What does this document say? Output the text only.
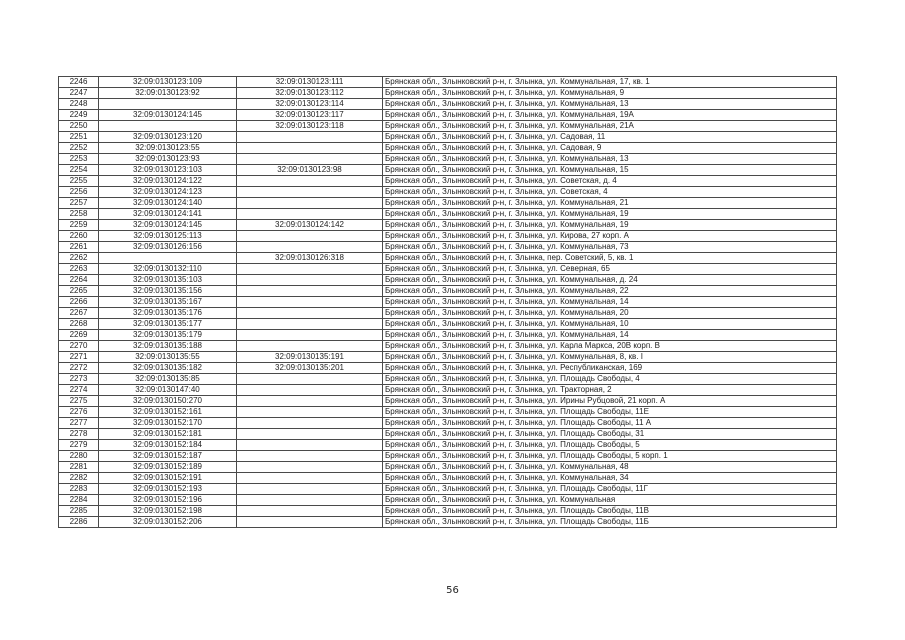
2246	32:09:0130123:109	32:09:0130123:111	Брянская обл., Злынковский р-н, г. Злынка, ул. Коммунальная, 17, кв. 1
2247	32:09:0130123:92	32:09:0130123:112	Брянская обл., Злынковский р-н, г. Злынка, ул. Коммунальная, 9
2248		32:09:0130123:114	Брянская обл., Злынковский р-н, г. Злынка, ул. Коммунальная, 13
2249	32:09:0130124:145	32:09:0130123:117	Брянская обл., Злынковский р-н, г. Злынка, ул. Коммунальная, 19А
2250		32:09:0130123:118	Брянская обл., Злынковский р-н, г. Злынка, ул. Коммунальная, 21А
2251	32:09:0130123:120		Брянская обл., Злынковский р-н, г. Злынка, ул. Садовая, 11
2252	32:09:0130123:55		Брянская обл., Злынковский р-н, г. Злынка, ул. Садовая, 9
2253	32:09:0130123:93		Брянская обл., Злынковский р-н, г. Злынка, ул. Коммунальная, 13
2254	32:09:0130123:103	32:09:0130123:98	Брянская обл., Злынковский р-н, г. Злынка, ул. Коммунальная, 15
2255	32:09:0130124:122		Брянская обл., Злынковский р-н, г. Злынка, ул. Советская, д. 4
2256	32:09:0130124:123		Брянская обл., Злынковский р-н, г. Злынка, ул. Советская, 4
2257	32:09:0130124:140		Брянская обл., Злынковский р-н, г. Злынка, ул. Коммунальная, 21
2258	32:09:0130124:141		Брянская обл., Злынковский р-н, г. Злынка, ул. Коммунальная, 19
2259	32:09:0130124:145	32:09:0130124:142	Брянская обл., Злынковский р-н, г. Злынка, ул. Коммунальная, 19
2260	32:09:0130125:113		Брянская обл., Злынковский р-н, г. Злынка, ул. Кирова, 27 корп. А
2261	32:09:0130126:156		Брянская обл., Злынковский р-н, г. Злынка, ул. Коммунальная, 73
2262		32:09:0130126:318	Брянская обл., Злынковский р-н, г. Злынка, пер. Советский, 5, кв. 1
2263	32:09:0130132:110		Брянская обл., Злынковский р-н, г. Злынка, ул. Северная, 65
2264	32:09:0130135:103		Брянская обл., Злынковский р-н, г. Злынка, ул. Коммунальная, д. 24
2265	32:09:0130135:156		Брянская обл., Злынковский р-н, г. Злынка, ул. Коммунальная, 22
2266	32:09:0130135:167		Брянская обл., Злынковский р-н, г. Злынка, ул. Коммунальная, 14
2267	32:09:0130135:176		Брянская обл., Злынковский р-н, г. Злынка, ул. Коммунальная, 20
2268	32:09:0130135:177		Брянская обл., Злынковский р-н, г. Злынка, ул. Коммунальная, 10
2269	32:09:0130135:179		Брянская обл., Злынковский р-н, г. Злынка, ул. Коммунальная, 14
2270	32:09:0130135:188		Брянская обл., Злынковский р-н, г. Злынка, ул. Карла Маркса, 20В корп. В
2271	32:09:0130135:55	32:09:0130135:191	Брянская обл., Злынковский р-н, г. Злынка, ул. Коммунальная, 8, кв. I
2272	32:09:0130135:182	32:09:0130135:201	Брянская обл., Злынковский р-н, г. Злынка, ул. Республиканская, 169
2273	32:09:0130135:85		Брянская обл., Злынковский р-н, г. Злынка, ул. Площадь Свободы, 4
2274	32:09:0130147:40		Брянская обл., Злынковский р-н, г. Злынка, ул. Тракторная, 2
2275	32:09:0130150:270		Брянская обл., Злынковский р-н, г. Злынка, ул. Ирины Рубцовой, 21 корп. А
2276	32:09:0130152:161		Брянская обл., Злынковский р-н, г. Злынка, ул. Площадь Свободы, 11Е
2277	32:09:0130152:170		Брянская обл., Злынковский р-н, г. Злынка, ул. Площадь Свободы, 11 А
2278	32:09:0130152:181		Брянская обл., Злынковский р-н, г. Злынка, ул. Площадь Свободы, 31
2279	32:09:0130152:184		Брянская обл., Злынковский р-н, г. Злынка, ул. Площадь Свободы, 5
2280	32:09:0130152:187		Брянская обл., Злынковский р-н, г. Злынка, ул. Площадь Свободы, 5 корп. 1
2281	32:09:0130152:189		Брянская обл., Злынковский р-н, г. Злынка, ул. Коммунальная, 48
2282	32:09:0130152:191		Брянская обл., Злынковский р-н, г. Злынка, ул. Коммунальная, 34
2283	32:09:0130152:193		Брянская обл., Злынковский р-н, г. Злынка, ул. Площадь Свободы, 11Г
2284	32:09:0130152:196		Брянская обл., Злынковский р-н, г. Злынка, ул. Коммунальная
2285	32:09:0130152:198		Брянская обл., Злынковский р-н, г. Злынка, ул. Площадь Свободы, 11В
2286	32:09:0130152:206		Брянская обл., Злынковский р-н, г. Злынка, ул. Площадь Свободы, 11Б
56
